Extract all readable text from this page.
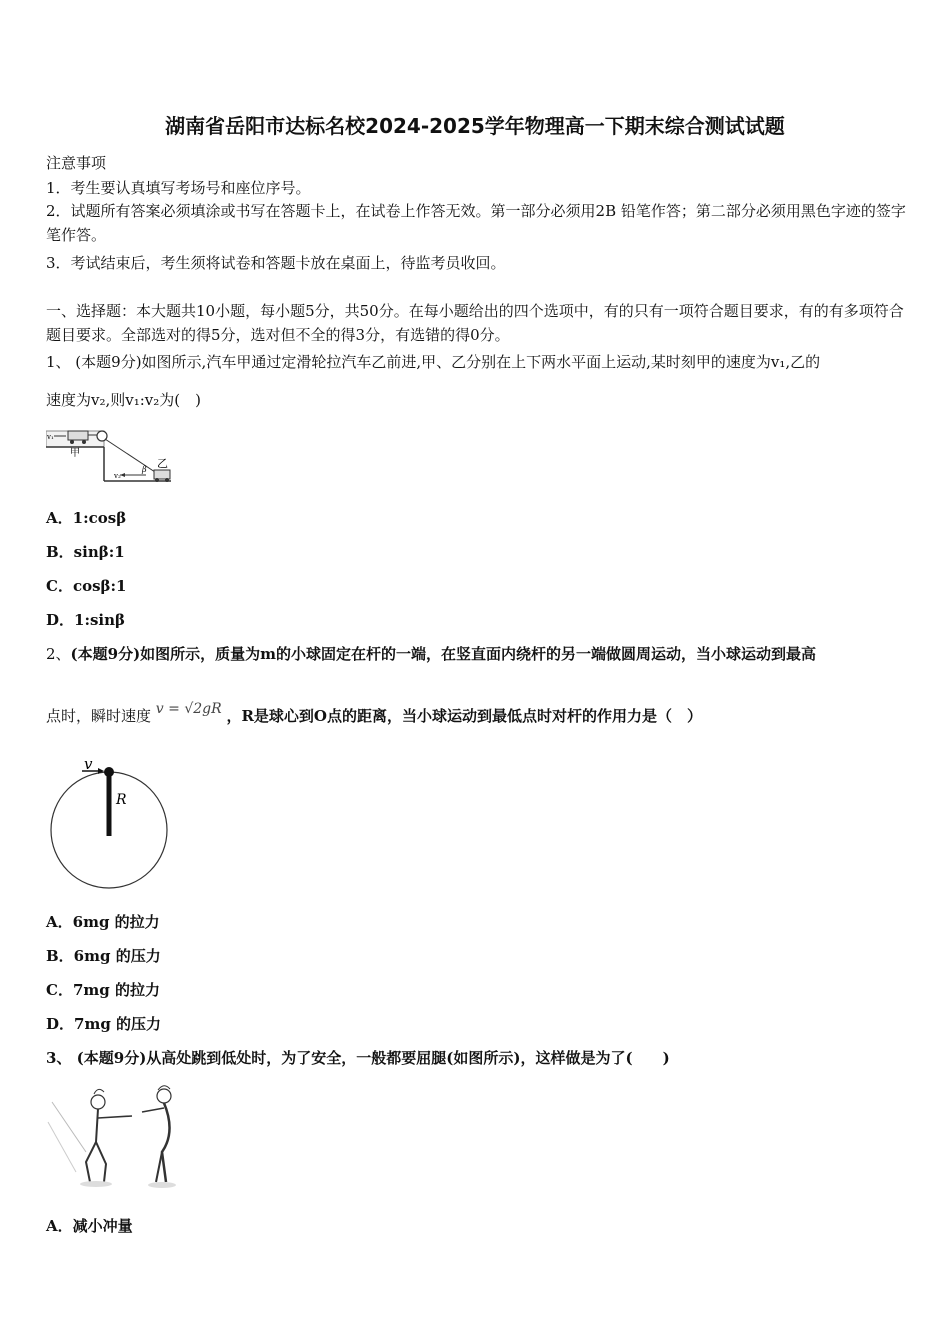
湖南省岳阳市达标名校2024-2025学年物理高一下期末综合测试试题
注意事项
1．考生要认真填写考场号和座位序号。
2．试题所有答案必须填涂或书写在答题卡上，在试卷上作答无效。第一部分必须用2B 铅笔作答；第二部分必须用黑色字迹的签字笔作答。
3．考试结束后，考生须将试卷和答题卡放在桌面上，待监考员收回。
一、选择题：本大题共10小题，每小题5分，共50分。在每小题给出的四个选项中，有的只有一项符合题目要求，有的有多项符合题目要求。全部选对的得5分，选对但不全的得3分，有选错的得0分。
1、 (本题9分)如图所示,汽车甲通过定滑轮拉汽车乙前进,甲、乙分别在上下两水平面上运动,某时刻甲的速度为v₁,乙的
速度为v₂,则v₁:v₂为(　)
v₁
甲
v₂
β 乙
A．1:cosβ
B．sinβ:1
C．cosβ:1
D．1:sinβ
2、(本题9分)如图所示，质量为m的小球固定在杆的一端，在竖直面内绕杆的另一端做圆周运动，当小球运动到最高
点时，瞬时速度 v = √2gR ，R是球心到O点的距离，当小球运动到最低点时对杆的作用力是（　）
v
R
A．6mg 的拉力
B．6mg 的压力
C．7mg 的拉力
D．7mg 的压力
3、 (本题9分)从高处跳到低处时，为了安全，一般都要屈腿(如图所示)，这样做是为了(　　)
A．减小冲量
